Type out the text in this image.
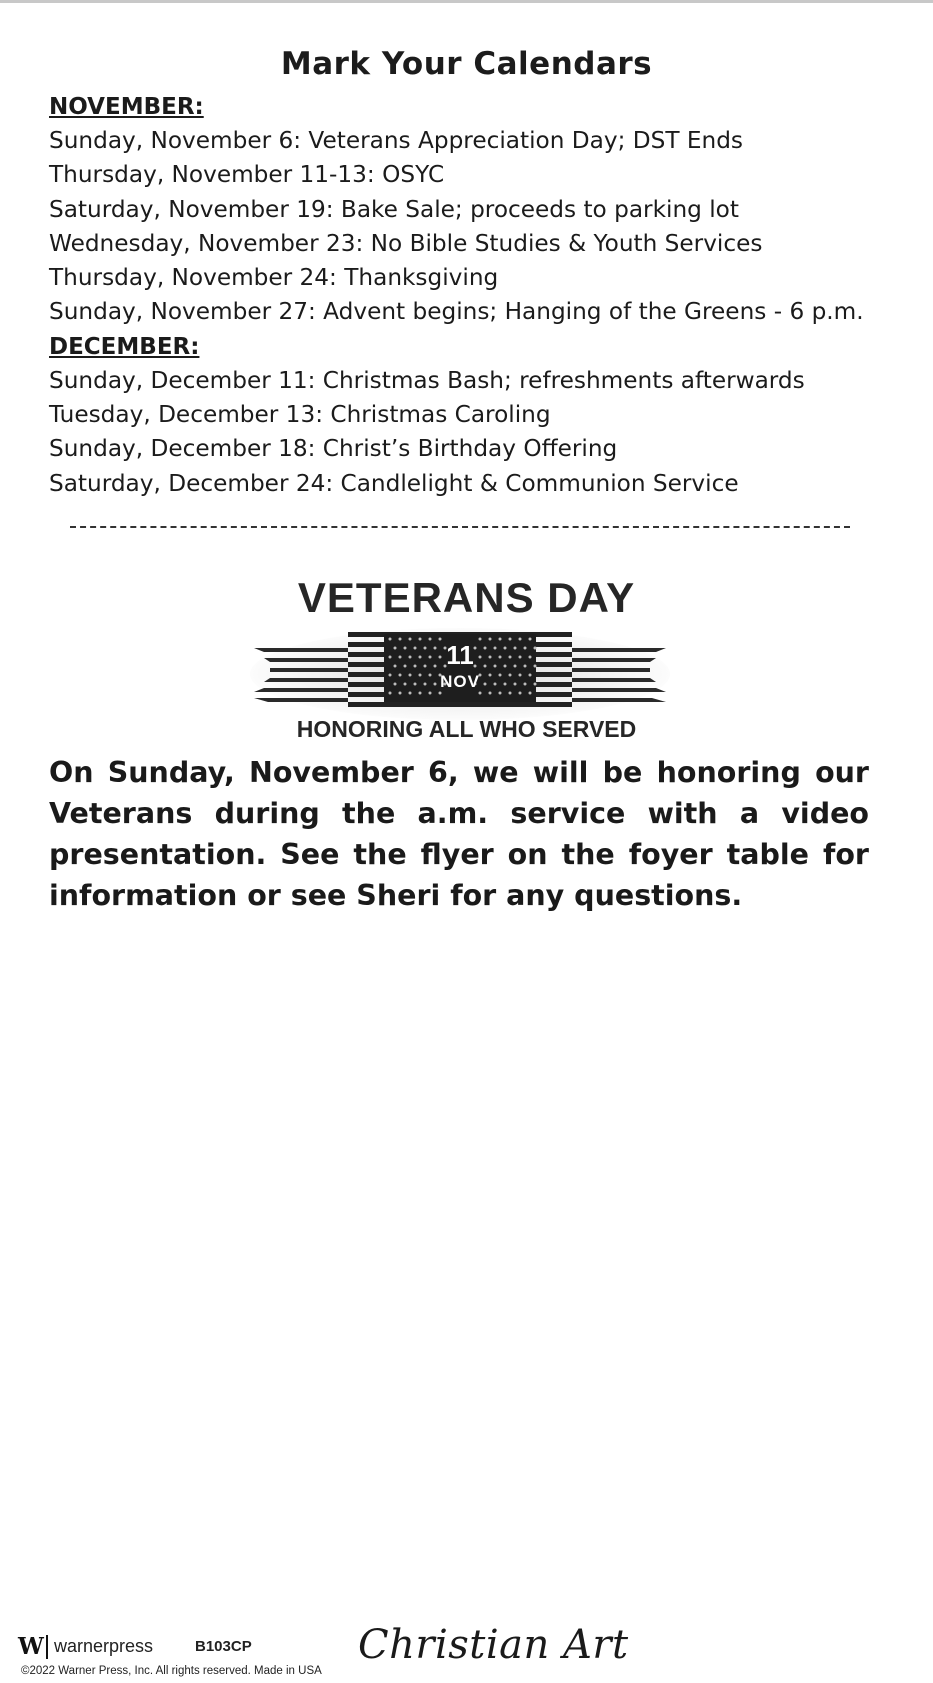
Mark Your Calendars
NOVEMBER:
Sunday, November 6: Veterans Appreciation Day; DST Ends
Thursday, November 11-13: OSYC
Saturday, November 19: Bake Sale; proceeds to parking lot
Wednesday, November 23: No Bible Studies & Youth Services
Thursday, November 24: Thanksgiving
Sunday, November 27: Advent begins; Hanging of the Greens - 6 p.m.
DECEMBER:
Sunday, December 11: Christmas Bash; refreshments afterwards
Tuesday, December 13: Christmas Caroling
Sunday, December 18: Christ’s Birthday Offering
Saturday, December 24: Candlelight & Communion Service
VETERANS DAY
11
NOV
HONORING ALL WHO SERVED
On Sunday, November 6, we will be honoring our Veterans during the a.m. service with a video presentation. See the flyer on the foyer table for information or see Sheri for any questions.
W warnerpress	B103CP
©2022 Warner Press, Inc. All rights reserved. Made in USA
Christian Art
